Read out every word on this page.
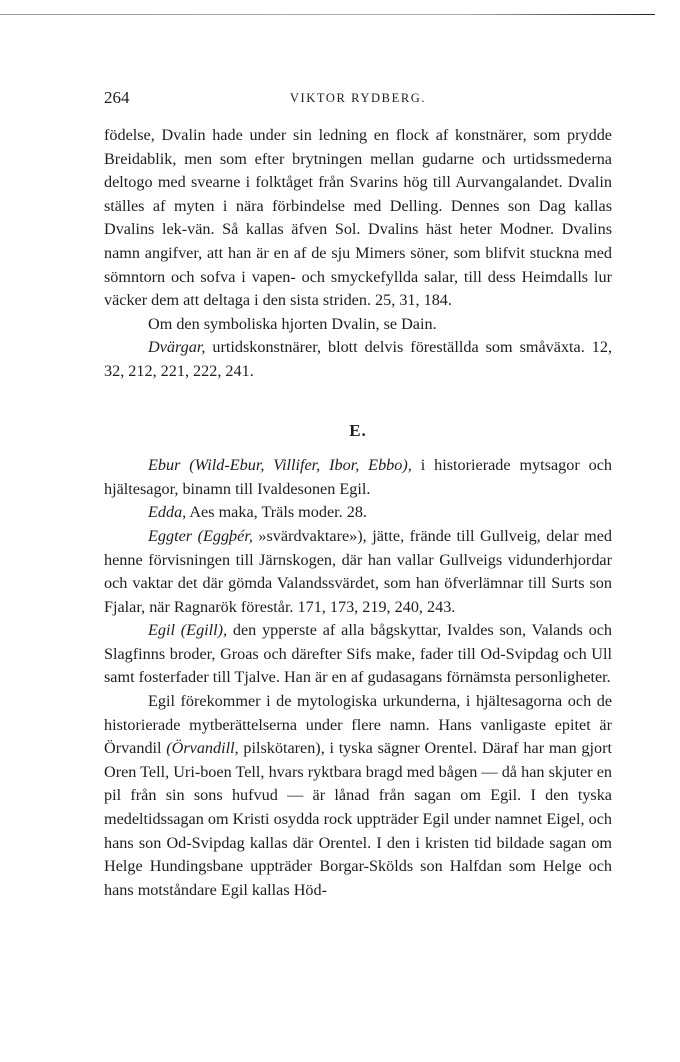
264	VIKTOR RYDBERG.

födelse, Dvalin hade under sin ledning en flock af konstnärer, som prydde Breidablik, men som efter brytningen mellan gudarne och urtidssmederna deltogo med svearne i folktåget från Svarins hög till Aurvangalandet. Dvalin ställes af myten i nära förbindelse med Delling. Dennes son Dag kallas Dvalins lek-vän. Så kallas äfven Sol. Dvalins häst heter Modner. Dvalins namn angifver, att han är en af de sju Mimers söner, som blifvit stuckna med sömntorn och sofva i vapen- och smyckefyllda salar, till dess Heimdalls lur väcker dem att deltaga i den sista striden. 25, 31, 184.

Om den symboliska hjorten Dvalin, se Dain.

Dvärgar, urtidskonstnärer, blott delvis föreställda som småväxta. 12, 32, 212, 221, 222, 241.

E.

Ebur (Wild-Ebur, Villifer, Ibor, Ebbo), i historierade mytsagor och hjältesagor, binamn till Ivaldesonen Egil.

Edda, Aes maka, Träls moder. 28.

Eggter (Eggþér, »svärdvaktare»), jätte, frände till Gullveig, delar med henne förvisningen till Järnskogen, där han vallar Gullveigs vidunderhjordar och vaktar det där gömda Valandssvärdet, som han öfverlämnar till Surts son Fjalar, när Ragnarök förestår. 171, 173, 219, 240, 243.

Egil (Egill), den ypperste af alla bågskyttar, Ivaldes son, Valands och Slagfinns broder, Groas och därefter Sifs make, fader till Od-Svipdag och Ull samt fosterfader till Tjalve. Han är en af gudasagans förnämsta personligheter.

Egil förekommer i de mytologiska urkunderna, i hjältesagorna och de historierade mytberättelserna under flere namn. Hans vanligaste epitet är Örvandil (Örvandill, pilskötaren), i tyska sägner Orentel. Däraf har man gjort Oren Tell, Uri-boen Tell, hvars ryktbara bragd med bågen — då han skjuter en pil från sin sons hufvud — är lånad från sagan om Egil. I den tyska medeltidssagan om Kristi osydda rock uppträder Egil under namnet Eigel, och hans son Od-Svipdag kallas där Orentel. I den i kristen tid bildade sagan om Helge Hundingsbane uppträder Borgar-Skölds son Halfdan som Helge och hans motståndare Egil kallas Höd-
